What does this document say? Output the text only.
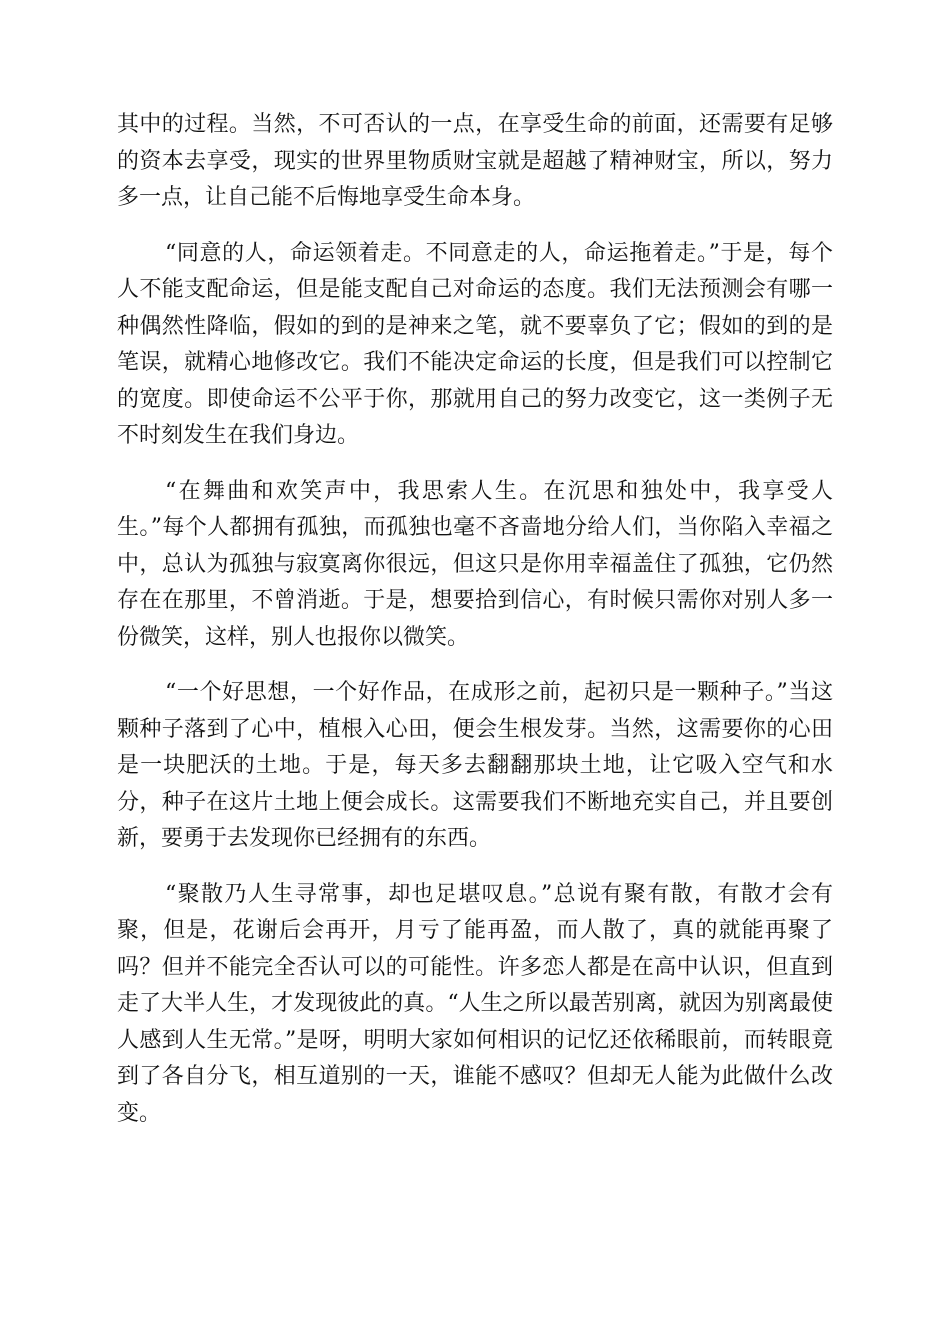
其中的过程。当然，不可否认的一点，在享受生命的前面，还需要有足够的资本去享受，现实的世界里物质财宝就是超越了精神财宝，所以，努力多一点，让自己能不后悔地享受生命本身。

“同意的人，命运领着走。不同意走的人，命运拖着走。”于是，每个人不能支配命运，但是能支配自己对命运的态度。我们无法预测会有哪一种偶然性降临，假如的到的是神来之笔，就不要辜负了它；假如的到的是笔误，就精心地修改它。我们不能决定命运的长度，但是我们可以控制它的宽度。即使命运不公平于你，那就用自己的努力改变它，这一类例子无不时刻发生在我们身边。

“在舞曲和欢笑声中，我思索人生。在沉思和独处中，我享受人生。”每个人都拥有孤独，而孤独也毫不吝啬地分给人们，当你陷入幸福之中，总认为孤独与寂寞离你很远，但这只是你用幸福盖住了孤独，它仍然存在在那里，不曾消逝。于是，想要拾到信心，有时候只需你对别人多一份微笑，这样，别人也报你以微笑。

“一个好思想，一个好作品，在成形之前，起初只是一颗种子。”当这颗种子落到了心中，植根入心田，便会生根发芽。当然，这需要你的心田是一块肥沃的土地。于是，每天多去翻翻那块土地，让它吸入空气和水分，种子在这片土地上便会成长。这需要我们不断地充实自己，并且要创新，要勇于去发现你已经拥有的东西。

“聚散乃人生寻常事，却也足堪叹息。”总说有聚有散，有散才会有聚，但是，花谢后会再开，月亏了能再盈，而人散了，真的就能再聚了吗？但并不能完全否认可以的可能性。许多恋人都是在高中认识，但直到走了大半人生，才发现彼此的真。“人生之所以最苦别离，就因为别离最使人感到人生无常。”是呀，明明大家如何相识的记忆还依稀眼前，而转眼竟到了各自分飞，相互道别的一天，谁能不感叹？但却无人能为此做什么改变。
